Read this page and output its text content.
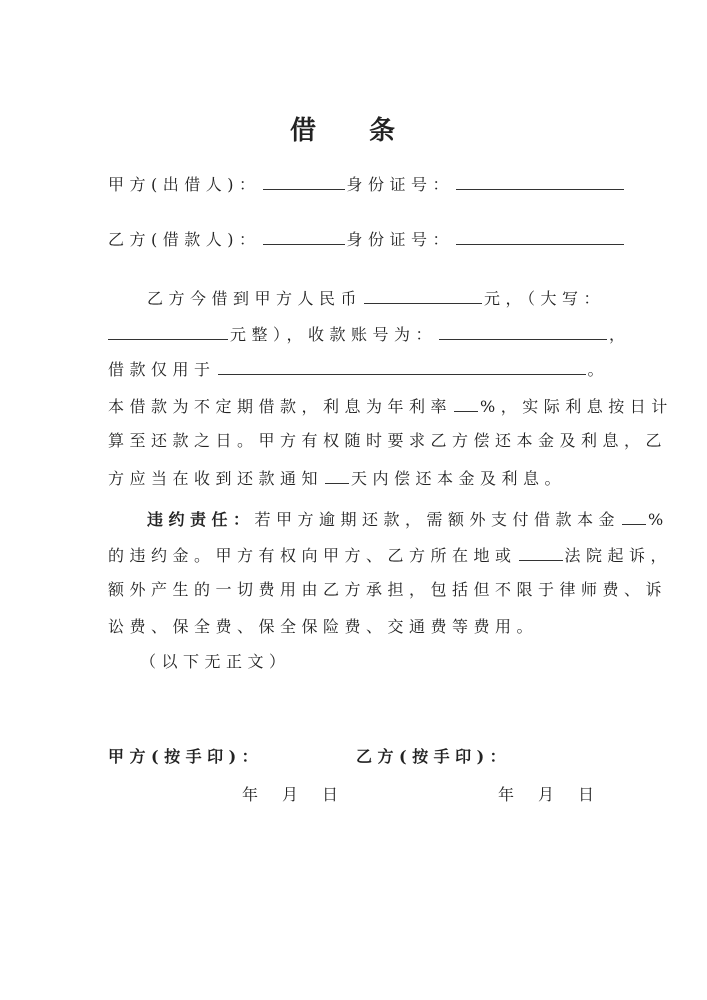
借 条
甲方(出借人)：	身份证号：
乙方(借款人)：	身份证号：
乙方今借到甲方人民币	元，（大写：
元整），收款账号为：	，
借款仅用于	。
本借款为不定期借款，利息为年利率 %，实际利息按日计
算至还款之日。甲方有权随时要求乙方偿还本金及利息，乙
方应当在收到还款通知 天内偿还本金及利息。
违约责任：若甲方逾期还款，需额外支付借款本金 %
的违约金。甲方有权向甲方、乙方所在地或	法院起诉，
额外产生的一切费用由乙方承担，包括但不限于律师费、诉
讼费、保全费、保全保险费、交通费等费用。
（以下无正文）
甲方(按手印)：	乙方(按手印)：
年　月　日	年　月　日
